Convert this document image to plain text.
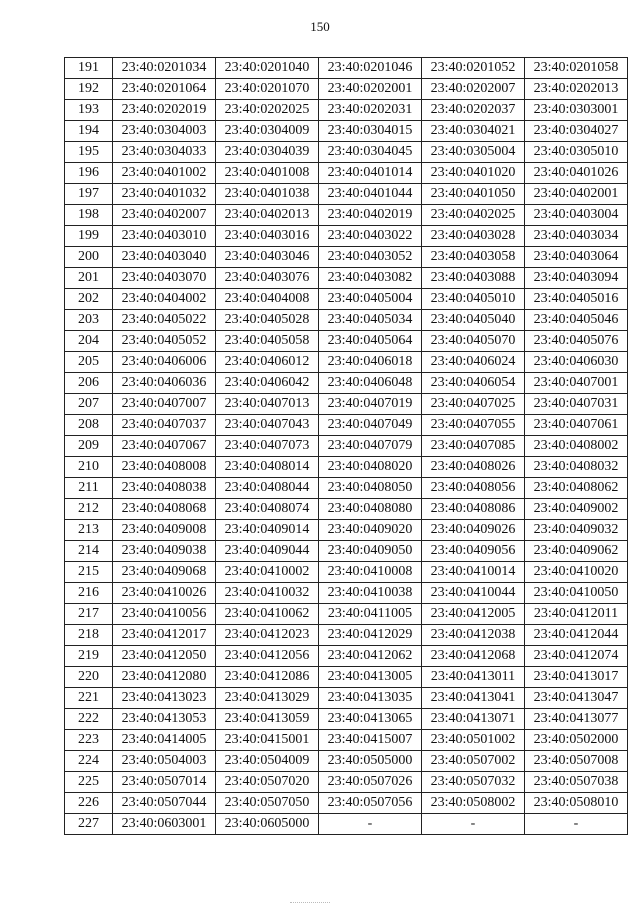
150
191	23:40:0201034	23:40:0201040	23:40:0201046	23:40:0201052	23:40:0201058
192	23:40:0201064	23:40:0201070	23:40:0202001	23:40:0202007	23:40:0202013
193	23:40:0202019	23:40:0202025	23:40:0202031	23:40:0202037	23:40:0303001
194	23:40:0304003	23:40:0304009	23:40:0304015	23:40:0304021	23:40:0304027
195	23:40:0304033	23:40:0304039	23:40:0304045	23:40:0305004	23:40:0305010
196	23:40:0401002	23:40:0401008	23:40:0401014	23:40:0401020	23:40:0401026
197	23:40:0401032	23:40:0401038	23:40:0401044	23:40:0401050	23:40:0402001
198	23:40:0402007	23:40:0402013	23:40:0402019	23:40:0402025	23:40:0403004
199	23:40:0403010	23:40:0403016	23:40:0403022	23:40:0403028	23:40:0403034
200	23:40:0403040	23:40:0403046	23:40:0403052	23:40:0403058	23:40:0403064
201	23:40:0403070	23:40:0403076	23:40:0403082	23:40:0403088	23:40:0403094
202	23:40:0404002	23:40:0404008	23:40:0405004	23:40:0405010	23:40:0405016
203	23:40:0405022	23:40:0405028	23:40:0405034	23:40:0405040	23:40:0405046
204	23:40:0405052	23:40:0405058	23:40:0405064	23:40:0405070	23:40:0405076
205	23:40:0406006	23:40:0406012	23:40:0406018	23:40:0406024	23:40:0406030
206	23:40:0406036	23:40:0406042	23:40:0406048	23:40:0406054	23:40:0407001
207	23:40:0407007	23:40:0407013	23:40:0407019	23:40:0407025	23:40:0407031
208	23:40:0407037	23:40:0407043	23:40:0407049	23:40:0407055	23:40:0407061
209	23:40:0407067	23:40:0407073	23:40:0407079	23:40:0407085	23:40:0408002
210	23:40:0408008	23:40:0408014	23:40:0408020	23:40:0408026	23:40:0408032
211	23:40:0408038	23:40:0408044	23:40:0408050	23:40:0408056	23:40:0408062
212	23:40:0408068	23:40:0408074	23:40:0408080	23:40:0408086	23:40:0409002
213	23:40:0409008	23:40:0409014	23:40:0409020	23:40:0409026	23:40:0409032
214	23:40:0409038	23:40:0409044	23:40:0409050	23:40:0409056	23:40:0409062
215	23:40:0409068	23:40:0410002	23:40:0410008	23:40:0410014	23:40:0410020
216	23:40:0410026	23:40:0410032	23:40:0410038	23:40:0410044	23:40:0410050
217	23:40:0410056	23:40:0410062	23:40:0411005	23:40:0412005	23:40:0412011
218	23:40:0412017	23:40:0412023	23:40:0412029	23:40:0412038	23:40:0412044
219	23:40:0412050	23:40:0412056	23:40:0412062	23:40:0412068	23:40:0412074
220	23:40:0412080	23:40:0412086	23:40:0413005	23:40:0413011	23:40:0413017
221	23:40:0413023	23:40:0413029	23:40:0413035	23:40:0413041	23:40:0413047
222	23:40:0413053	23:40:0413059	23:40:0413065	23:40:0413071	23:40:0413077
223	23:40:0414005	23:40:0415001	23:40:0415007	23:40:0501002	23:40:0502000
224	23:40:0504003	23:40:0504009	23:40:0505000	23:40:0507002	23:40:0507008
225	23:40:0507014	23:40:0507020	23:40:0507026	23:40:0507032	23:40:0507038
226	23:40:0507044	23:40:0507050	23:40:0507056	23:40:0508002	23:40:0508010
227	23:40:0603001	23:40:0605000	-	-	-
